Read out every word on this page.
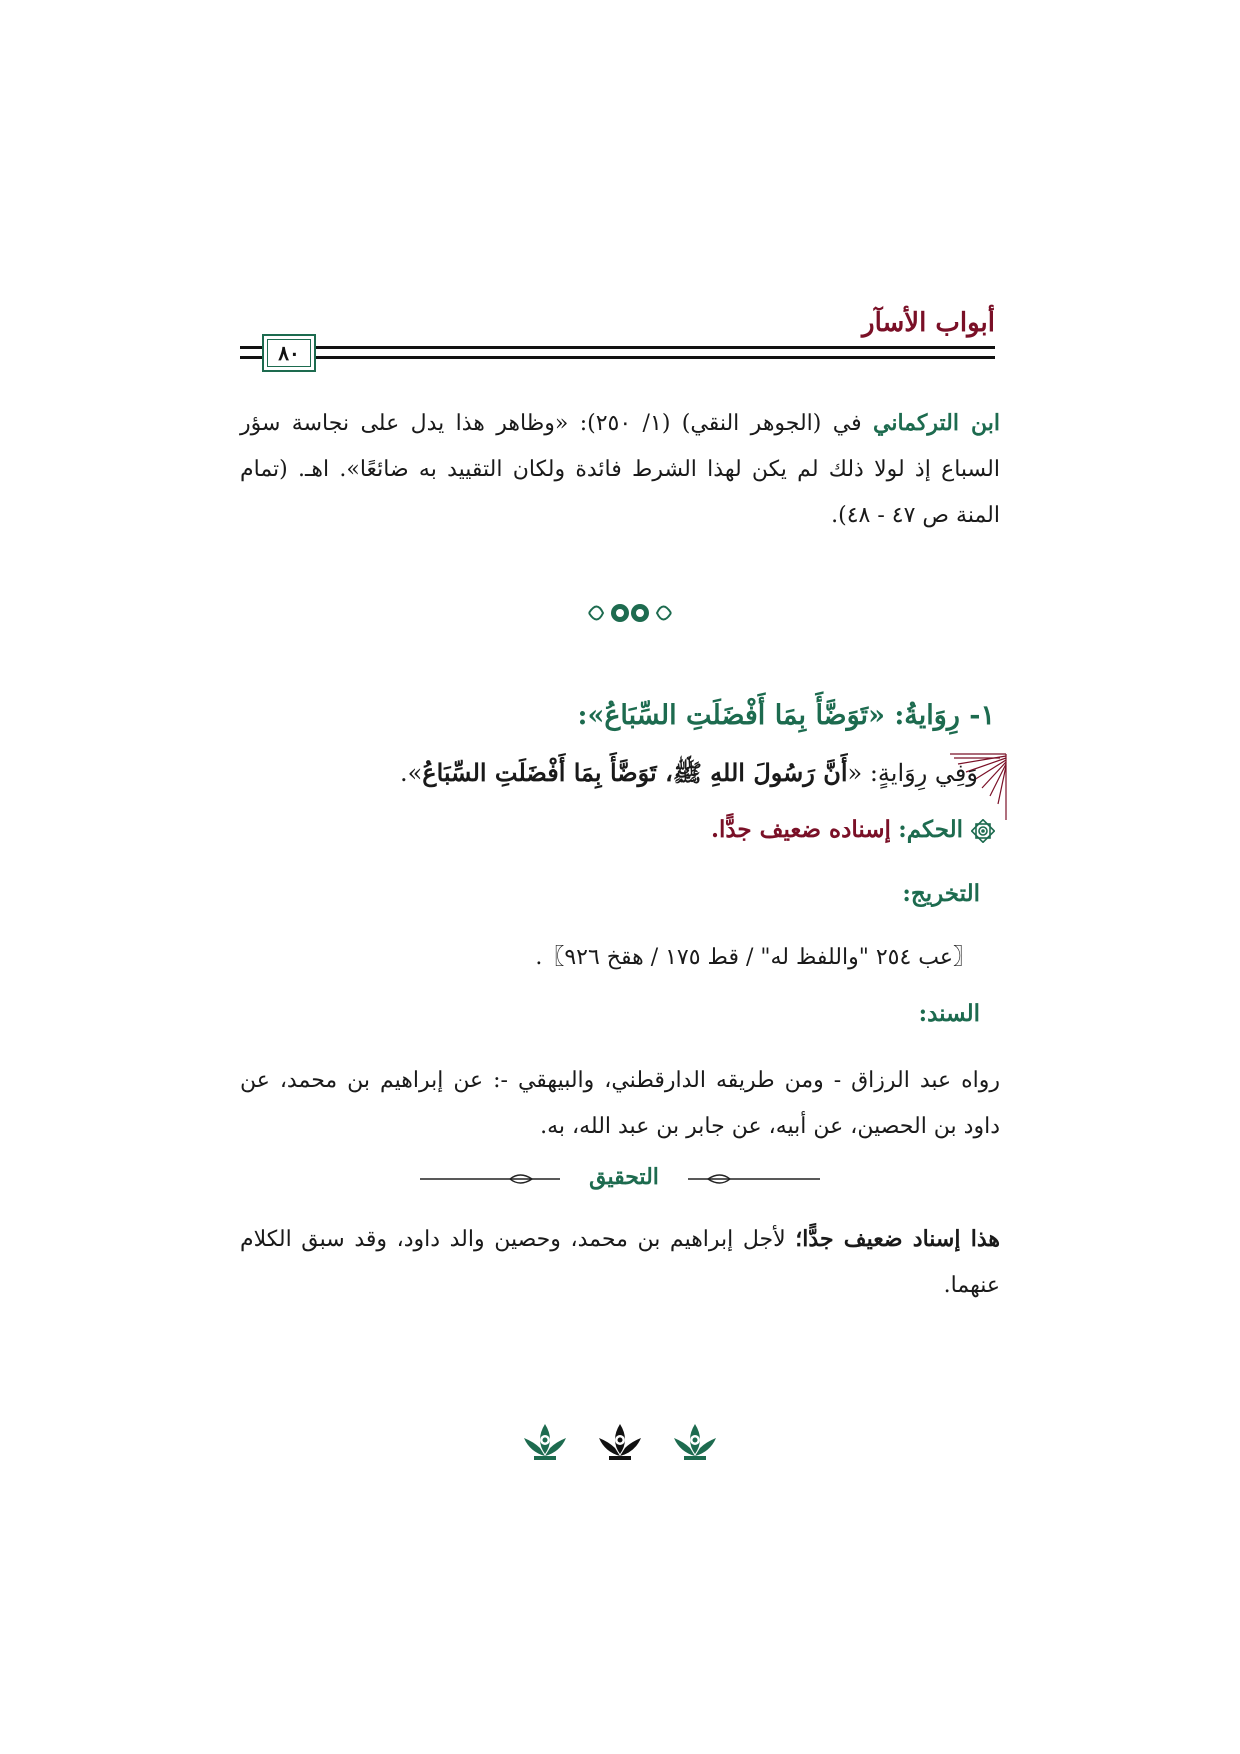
أبواب الأسآر
٨٠
ابن التركماني في (الجوهر النقي) (١/ ٢٥٠): «وظاهر هذا يدل على نجاسة سؤر السباع إذ لولا ذلك لم يكن لهذا الشرط فائدة ولكان التقييد به ضائعًا». اهـ. (تمام المنة ص ٤٧ - ٤٨).
١- رِوَايةُ: «تَوَضَّأَ بِمَا أَفْضَلَتِ السِّبَاعُ»:
وَفِي رِوَايةٍ: «أَنَّ رَسُولَ اللهِ ﷺ، تَوَضَّأَ بِمَا أَفْضَلَتِ السِّبَاعُ».
الحكم: إسناده ضعيف جدًّا.
التخريج:
〖عب ٢٥٤ "واللفظ له" / قط ١٧٥ / هقخ ٩٢٦〗.
السند:
رواه عبد الرزاق - ومن طريقه الدارقطني، والبيهقي -: عن إبراهيم بن محمد، عن داود بن الحصين، عن أبيه، عن جابر بن عبد الله، به.
التحقيق
هذا إسناد ضعيف جدًّا؛ لأجل إبراهيم بن محمد، وحصين والد داود، وقد سبق الكلام عنهما.
